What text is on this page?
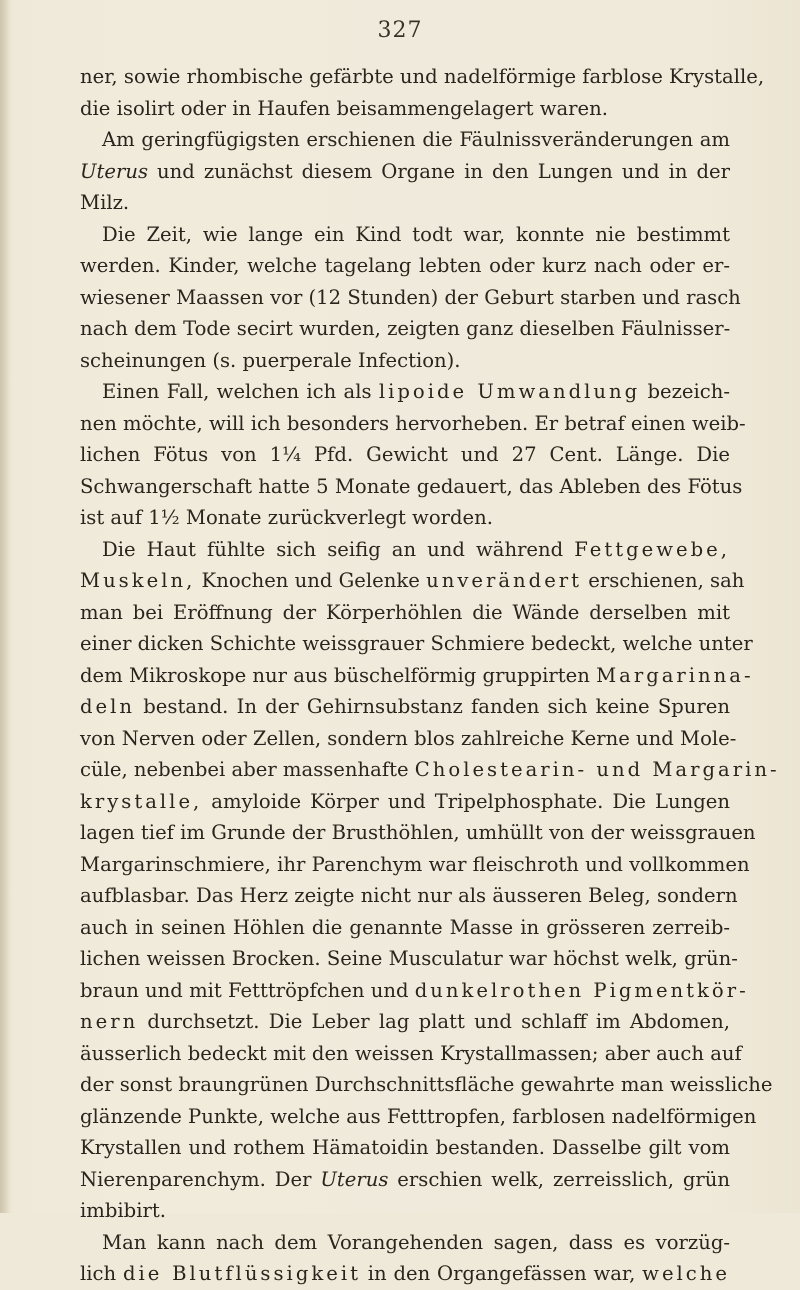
327
ner, sowie rhombische gefärbte und nadelförmige farblose Krystalle,
die isolirt oder in Haufen beisammengelagert waren.
Am geringfügigsten erschienen die Fäulnissveränderungen am
Uterus und zunächst diesem Organe in den Lungen und in der
Milz.
Die Zeit, wie lange ein Kind todt war, konnte nie bestimmt
werden. Kinder, welche tagelang lebten oder kurz nach oder er-
wiesener Maassen vor (12 Stunden) der Geburt starben und rasch
nach dem Tode secirt wurden, zeigten ganz dieselben Fäulnisser-
scheinungen (s. puerperale Infection).
Einen Fall, welchen ich als lipoide Umwandlung bezeich-
nen möchte, will ich besonders hervorheben. Er betraf einen weib-
lichen Fötus von 1¼ Pfd. Gewicht und 27 Cent. Länge. Die
Schwangerschaft hatte 5 Monate gedauert, das Ableben des Fötus
ist auf 1½ Monate zurückverlegt worden.
Die Haut fühlte sich seifig an und während Fettgewebe,
Muskeln, Knochen und Gelenke unverändert erschienen, sah
man bei Eröffnung der Körperhöhlen die Wände derselben mit
einer dicken Schichte weissgrauer Schmiere bedeckt, welche unter
dem Mikroskope nur aus büschelförmig gruppirten Margarinna-
deln bestand. In der Gehirnsubstanz fanden sich keine Spuren
von Nerven oder Zellen, sondern blos zahlreiche Kerne und Mole-
cüle, nebenbei aber massenhafte Cholestearin- und Margarin-
krystalle, amyloide Körper und Tripelphosphate. Die Lungen
lagen tief im Grunde der Brusthöhlen, umhüllt von der weissgrauen
Margarinschmiere, ihr Parenchym war fleischroth und vollkommen
aufblasbar. Das Herz zeigte nicht nur als äusseren Beleg, sondern
auch in seinen Höhlen die genannte Masse in grösseren zerreib-
lichen weissen Brocken. Seine Musculatur war höchst welk, grün-
braun und mit Fetttröpfchen und dunkelrothen Pigmentkör-
nern durchsetzt. Die Leber lag platt und schlaff im Abdomen,
äusserlich bedeckt mit den weissen Krystallmassen; aber auch auf
der sonst braungrünen Durchschnittsfläche gewahrte man weissliche
glänzende Punkte, welche aus Fetttropfen, farblosen nadelförmigen
Krystallen und rothem Hämatoidin bestanden. Dasselbe gilt vom
Nierenparenchym. Der Uterus erschien welk, zerreisslich, grün
imbibirt.
Man kann nach dem Vorangehenden sagen, dass es vorzüg-
lich die Blutflüssigkeit in den Organgefässen war, welche
